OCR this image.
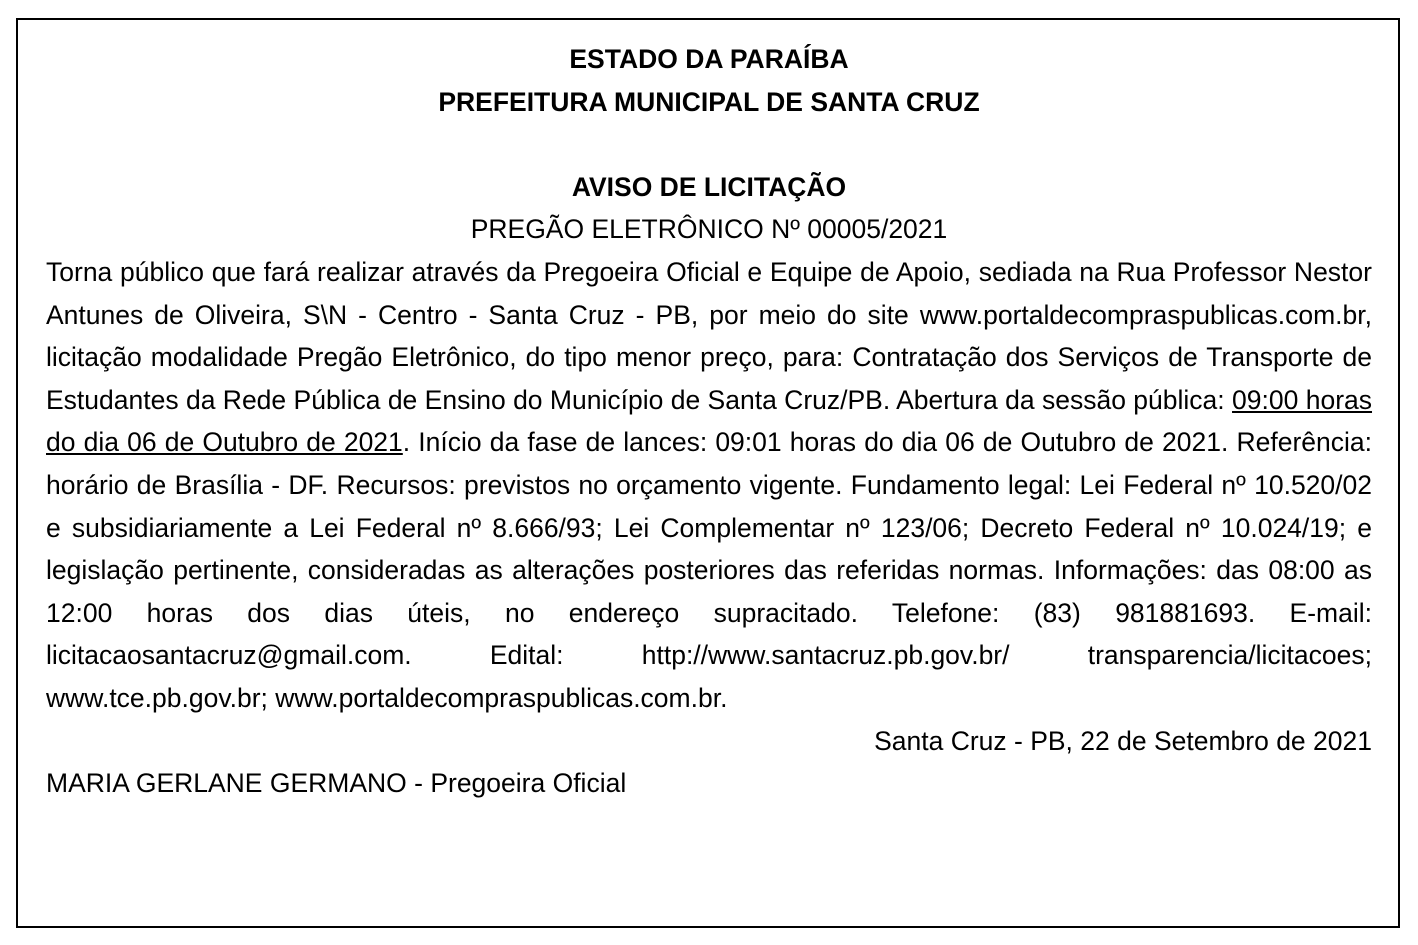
ESTADO DA PARAÍBA

PREFEITURA MUNICIPAL DE SANTA CRUZ

AVISO DE LICITAÇÃO

PREGÃO ELETRÔNICO Nº 00005/2021

Torna público que fará realizar através da Pregoeira Oficial e Equipe de Apoio, sediada na Rua Professor Nestor Antunes de Oliveira, S\N - Centro - Santa Cruz - PB, por meio do site www.portaldecompraspublicas.com.br, licitação modalidade Pregão Eletrônico, do tipo menor preço, para: Contratação dos Serviços de Transporte de Estudantes da Rede Pública de Ensino do Município de Santa Cruz/PB. Abertura da sessão pública: 09:00 horas do dia 06 de Outubro de 2021. Início da fase de lances: 09:01 horas do dia 06 de Outubro de 2021. Referência: horário de Brasília - DF. Recursos: previstos no orçamento vigente. Fundamento legal: Lei Federal nº 10.520/02 e subsidiariamente a Lei Federal nº 8.666/93; Lei Complementar nº 123/06; Decreto Federal nº 10.024/19; e legislação pertinente, consideradas as alterações posteriores das referidas normas. Informações: das 08:00 as 12:00 horas dos dias úteis, no endereço supracitado. Telefone: (83) 981881693. E-mail: licitacaosantacruz@gmail.com. Edital: http://www.santacruz.pb.gov.br/ transparencia/licitacoes; www.tce.pb.gov.br; www.portaldecompraspublicas.com.br.

Santa Cruz - PB, 22 de Setembro de 2021

MARIA GERLANE GERMANO - Pregoeira Oficial
